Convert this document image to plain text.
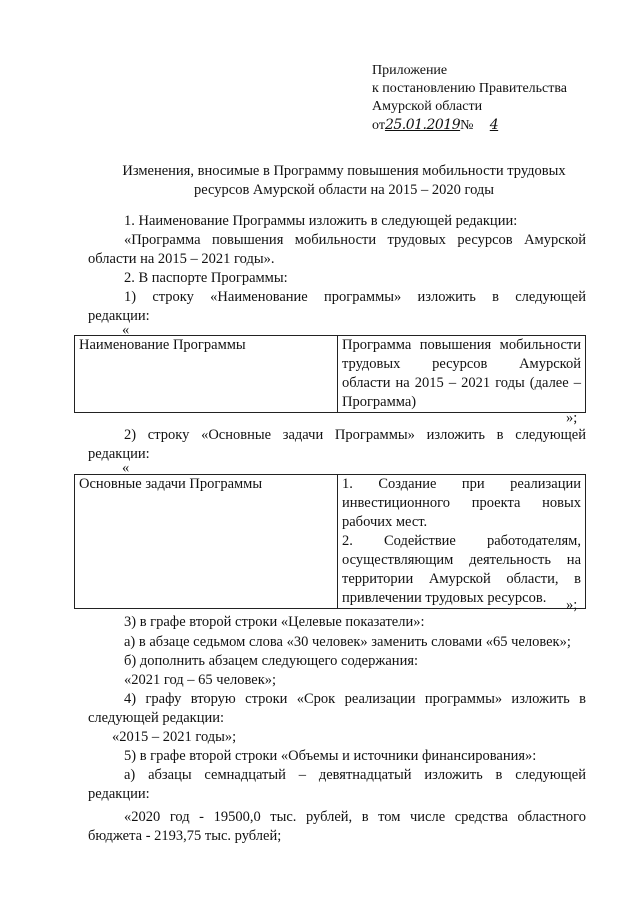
Приложение
к постановлению Правительства
Амурской области
от25.01.2019№ 4
Изменения, вносимые в Программу повышения мобильности трудовых
ресурсов Амурской области на 2015 – 2020 годы
1. Наименование Программы изложить в следующей редакции:
«Программа повышения мобильности трудовых ресурсов Амурской
области на 2015 – 2021 годы».
2. В паспорте Программы:
1) строку «Наименование программы» изложить в следующей
редакции:
«
Наименование Программы	Программа повышения мобильности
трудовых ресурсов Амурской
области на 2015 – 2021 годы (далее –
Программа)
»;
2) строку «Основные задачи Программы» изложить в следующей
редакции:
«
Основные задачи Программы	1. Создание при реализации
инвестиционного проекта новых
рабочих мест.
2. Содействие работодателям,
осуществляющим деятельность на
территории Амурской области, в
привлечении трудовых ресурсов.	»;
3) в графе второй строки «Целевые показатели»:
а) в абзаце седьмом слова «30 человек» заменить словами «65 человек»;
б) дополнить абзацем следующего содержания:
«2021 год – 65 человек»;
4) графу вторую строки «Срок реализации программы» изложить в
следующей редакции:
«2015 – 2021 годы»;
5) в графе второй строки «Объемы и источники финансирования»:
а) абзацы семнадцатый – девятнадцатый изложить в следующей
редакции:
«2020 год - 19500,0 тыс. рублей, в том числе средства областного
бюджета - 2193,75 тыс. рублей;
